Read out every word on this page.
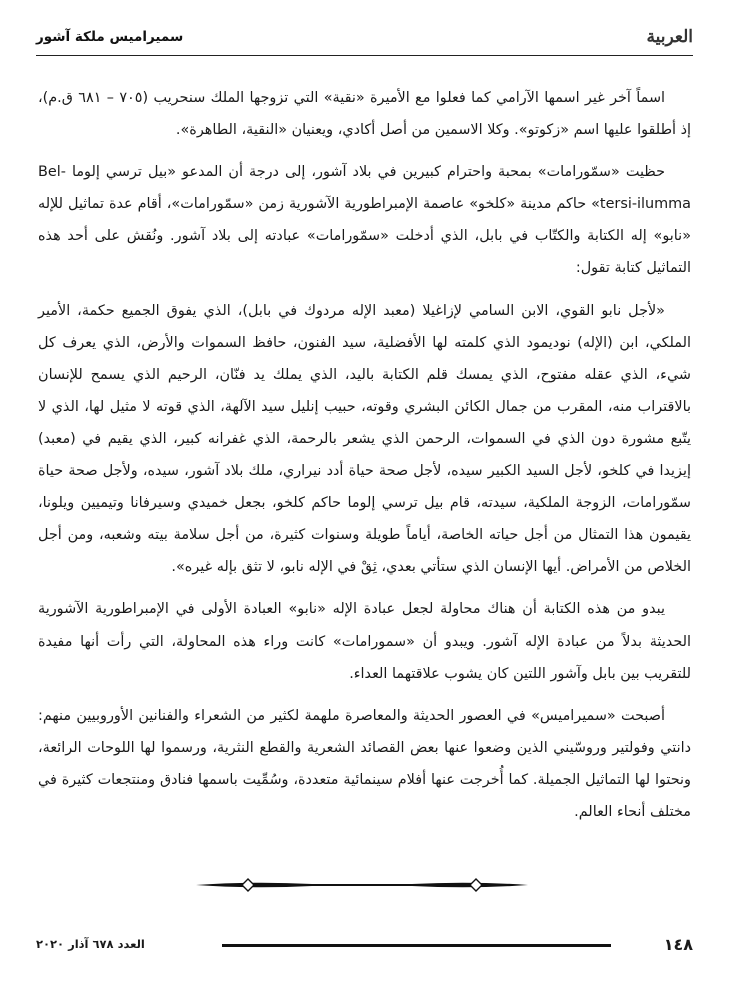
العربية
سميراميس ملكة آشور

اسماً آخر غير اسمها الآرامي كما فعلوا مع الأميرة «نقية» التي تزوجها الملك سنحريب (٧٠٥ – ٦٨١ ق.م)، إذ أطلقوا عليها اسم «زكوتو». وكلا الاسمين من أصل أكادي، ويعنيان «النقية، الطاهرة».

حظيت «سمّورامات» بمحبة واحترام كبيرين في بلاد آشور، إلى درجة أن المدعو «بيل ترسي إلوما Bel-tersi-ilumma» حاكم مدينة «كلخو» عاصمة الإمبراطورية الآشورية زمن «سمّورامات»، أقام عدة تماثيل للإله «نابو» إله الكتابة والكتّاب في بابل، الذي أدخلت «سمّورامات» عبادته إلى بلاد آشور. ونُقش على أحد هذه التماثيل كتابة تقول:

«لأجل نابو القوي، الابن السامي لإزاغيلا (معبد الإله مردوك في بابل)، الذي يفوق الجميع حكمة، الأمير الملكي، ابن (الإله) نوديمود الذي كلمته لها الأفضلية، سيد الفنون، حافظ السموات والأرض، الذي يعرف كل شيء، الذي عقله مفتوح، الذي يمسك قلم الكتابة باليد، الذي يملك يد فنّان، الرحيم الذي يسمح للإنسان بالاقتراب منه، المقرب من جمال الكائن البشري وقوته، حبيب إنليل سيد الآلهة، الذي قوته لا مثيل لها، الذي لا يتّبع مشورة دون الذي في السموات، الرحمن الذي يشعر بالرحمة، الذي غفرانه كبير، الذي يقيم في (معبد) إيزيدا في كلخو، لأجل السيد الكبير سيده، لأجل صحة حياة أدد نيراري، ملك بلاد آشور، سيده، ولأجل صحة حياة سمّورامات، الزوجة الملكية، سيدته، قام بيل ترسي إلوما حاكم كلخو، بجعل خميدي وسيرفانا وتيميين ويلونا، يقيمون هذا التمثال من أجل حياته الخاصة، أياماً طويلة وسنوات كثيرة، من أجل سلامة بيته وشعبه، ومن أجل الخلاص من الأمراض. أيها الإنسان الذي ستأتي بعدي، ثِقْ في الإله نابو، لا تثق بإله غيره».

يبدو من هذه الكتابة أن هناك محاولة لجعل عبادة الإله «نابو» العبادة الأولى في الإمبراطورية الآشورية الحديثة بدلاً من عبادة الإله آشور. ويبدو أن «سمورامات» كانت وراء هذه المحاولة، التي رأت أنها مفيدة للتقريب بين بابل وآشور اللتين كان يشوب علاقتهما العداء.

أصبحت «سميراميس» في العصور الحديثة والمعاصرة ملهمة لكثير من الشعراء والفنانين الأوروبيين منهم: دانتي وفولتير وروسّيني الذين وضعوا عنها بعض القصائد الشعرية والقطع النثرية، ورسموا لها اللوحات الرائعة، ونحتوا لها التماثيل الجميلة. كما أُخرجت عنها أفلام سينمائية متعددة، وسُمِّيت باسمها فنادق ومنتجعات كثيرة في مختلف أنحاء العالم.

١٤٨
العدد ٦٧٨ آذار ٢٠٢٠
